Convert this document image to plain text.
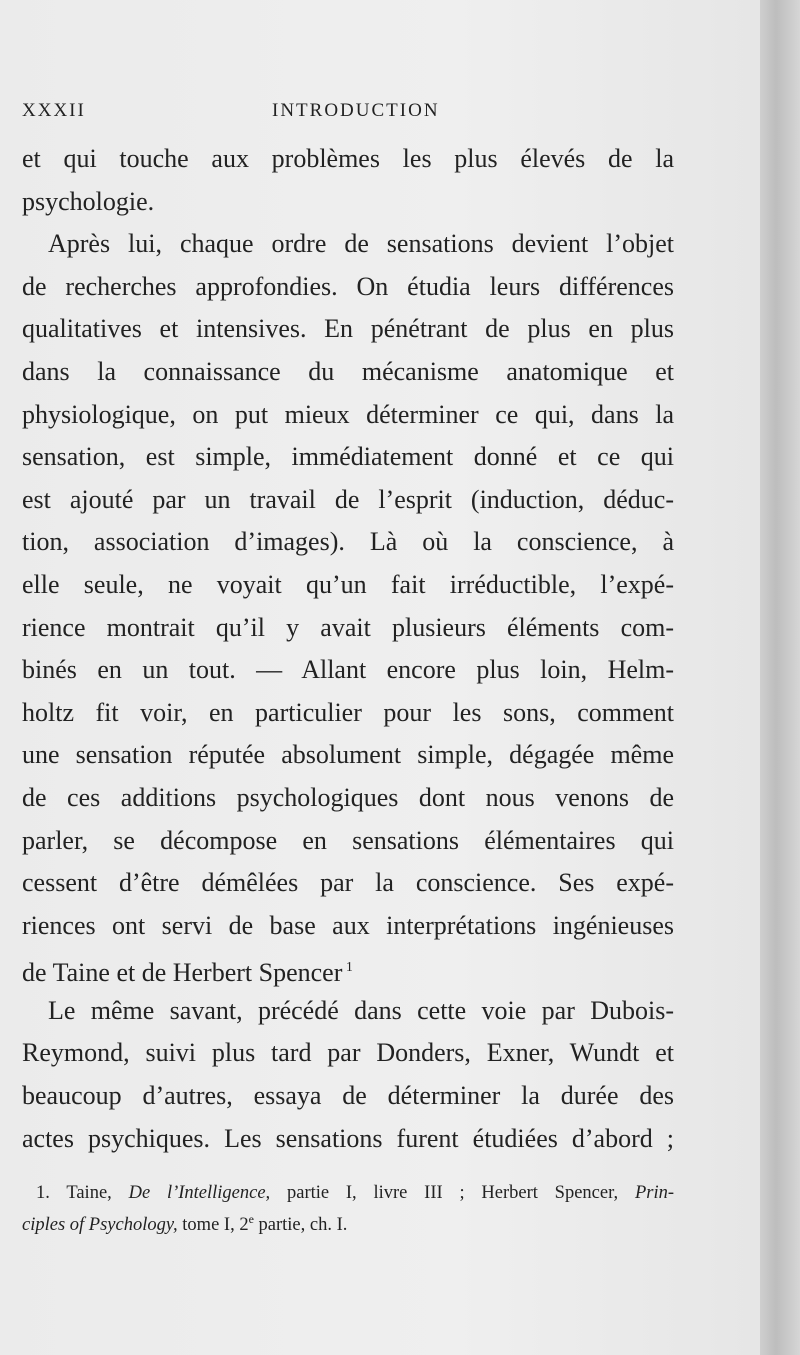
XXXII	INTRODUCTION
et qui touche aux problèmes les plus élevés de la
psychologie.
Après lui, chaque ordre de sensations devient l’objet
de recherches approfondies. On étudia leurs différences
qualitatives et intensives. En pénétrant de plus en plus
dans la connaissance du mécanisme anatomique et
physiologique, on put mieux déterminer ce qui, dans la
sensation, est simple, immédiatement donné et ce qui
est ajouté par un travail de l’esprit (induction, déduc-
tion, association d’images). Là où la conscience, à
elle seule, ne voyait qu’un fait irréductible, l’expé-
rience montrait qu’il y avait plusieurs éléments com-
binés en un tout. — Allant encore plus loin, Helm-
holtz fit voir, en particulier pour les sons, comment
une sensation réputée absolument simple, dégagée même
de ces additions psychologiques dont nous venons de
parler, se décompose en sensations élémentaires qui
cessent d’être démêlées par la conscience. Ses expé-
riences ont servi de base aux interprétations ingénieuses
de Taine et de Herbert Spencer $^1$
Le même savant, précédé dans cette voie par Dubois-
Reymond, suivi plus tard par Donders, Exner, Wundt et
beaucoup d’autres, essaya de déterminer la durée des
actes psychiques. Les sensations furent étudiées d’abord ;
1. Taine, De l’Intelligence, partie I, livre III ; Herbert Spencer, Prin-
ciples of Psychology, tome I, 2e partie, ch. I.
